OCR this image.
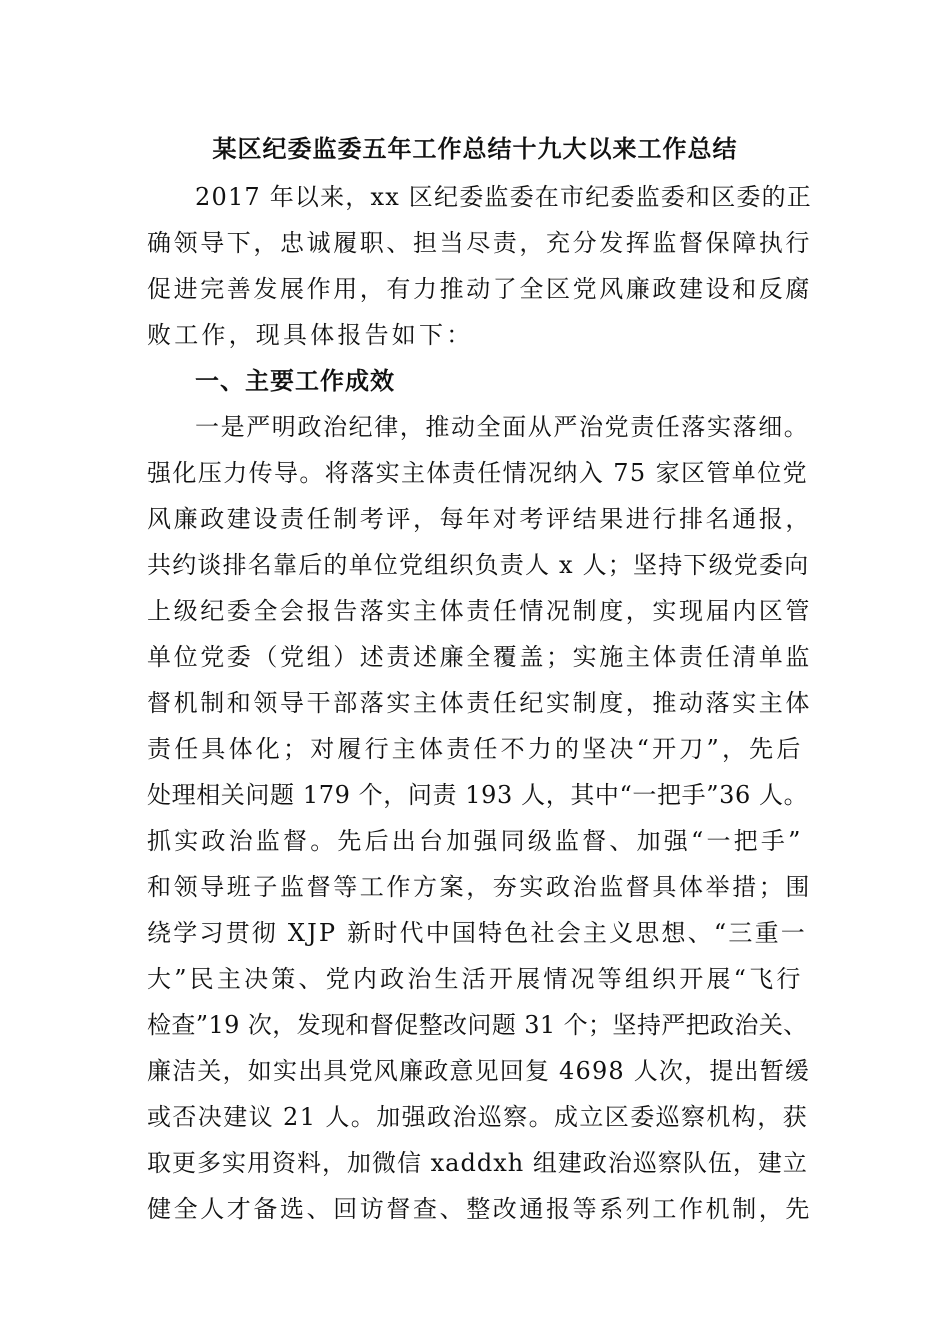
某区纪委监委五年工作总结十九大以来工作总结
2017 年以来，xx 区纪委监委在市纪委监委和区委的正
确领导下，忠诚履职、担当尽责，充分发挥监督保障执行
促进完善发展作用，有力推动了全区党风廉政建设和反腐
败工作，现具体报告如下：
一、主要工作成效
一是严明政治纪律，推动全面从严治党责任落实落细。
强化压力传导。将落实主体责任情况纳入 75 家区管单位党
风廉政建设责任制考评，每年对考评结果进行排名通报，
共约谈排名靠后的单位党组织负责人 x 人；坚持下级党委向
上级纪委全会报告落实主体责任情况制度，实现届内区管
单位党委（党组）述责述廉全覆盖；实施主体责任清单监
督机制和领导干部落实主体责任纪实制度，推动落实主体
责任具体化；对履行主体责任不力的坚决“开刀”，先后
处理相关问题 179 个，问责 193 人，其中“一把手”36 人。
抓实政治监督。先后出台加强同级监督、加强“一把手”
和领导班子监督等工作方案，夯实政治监督具体举措；围
绕学习贯彻 XJP 新时代中国特色社会主义思想、“三重一
大”民主决策、党内政治生活开展情况等组织开展“飞行
检查”19 次，发现和督促整改问题 31 个；坚持严把政治关、
廉洁关，如实出具党风廉政意见回复 4698 人次，提出暂缓
或否决建议 21 人。加强政治巡察。成立区委巡察机构，获
取更多实用资料，加微信 xaddxh 组建政治巡察队伍，建立
健全人才备选、回访督查、整改通报等系列工作机制，先
